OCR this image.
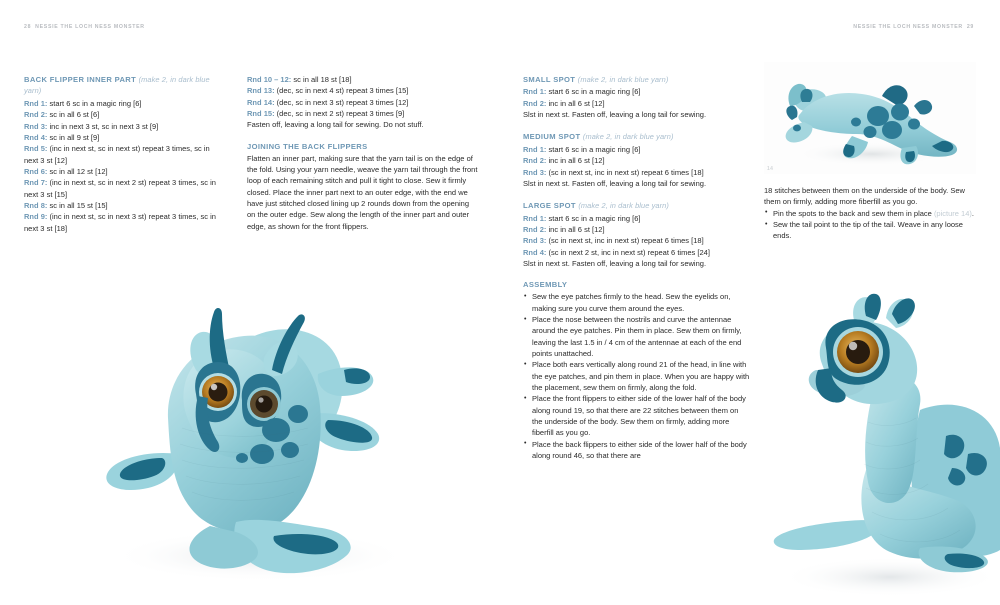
28 NESSIE THE LOCH NESS MONSTER	NESSIE THE LOCH NESS MONSTER 29
BACK FLIPPER INNER PART (make 2, in dark blue yarn)

Rnd 1: start 6 sc in a magic ring [6]

Rnd 2: sc in all 6 st [6]

Rnd 3: inc in next 3 st, sc in next 3 st [9]

Rnd 4: sc in all 9 st [9]

Rnd 5: (inc in next st, sc in next st) repeat 3 times, sc in next 3 st [12]

Rnd 6: sc in all 12 st [12]

Rnd 7: (inc in next st, sc in next 2 st) repeat 3 times, sc in next 3 st [15]

Rnd 8: sc in all 15 st [15]

Rnd 9: (inc in next st, sc in next 3 st) repeat 3 times, sc in next 3 st [18]

Rnd 10 – 12: sc in all 18 st [18]

Rnd 13: (dec, sc in next 4 st) repeat 3 times [15]

Rnd 14: (dec, sc in next 3 st) repeat 3 times [12]

Rnd 15: (dec, sc in next 2 st) repeat 3 times [9]

Fasten off, leaving a long tail for sewing. Do not stuff.

JOINING THE BACK FLIPPERS

Flatten an inner part, making sure that the yarn tail is on the edge of the fold. Using your yarn needle, weave the yarn tail through the front loop of each remaining stitch and pull it tight to close. Sew it firmly closed. Place the inner part next to an outer edge, with the end we have just stitched closed lining up 2 rounds down from the opening on the outer edge. Sew along the length of the inner part and outer edge, as shown for the front flippers.

SMALL SPOT (make 2, in dark blue yarn)

Rnd 1: start 6 sc in a magic ring [6]

Rnd 2: inc in all 6 st [12]

Slst in next st. Fasten off, leaving a long tail for sewing.

MEDIUM SPOT (make 2, in dark blue yarn)

Rnd 1: start 6 sc in a magic ring [6]

Rnd 2: inc in all 6 st [12]

Rnd 3: (sc in next st, inc in next st) repeat 6 times [18]

Slst in next st. Fasten off, leaving a long tail for sewing.

LARGE SPOT (make 2, in dark blue yarn)

Rnd 1: start 6 sc in a magic ring [6]

Rnd 2: inc in all 6 st [12]

Rnd 3: (sc in next st, inc in next st) repeat 6 times [18]

Rnd 4: (sc in next 2 st, inc in next st) repeat 6 times [24]

Slst in next st. Fasten off, leaving a long tail for sewing.

ASSEMBLY
• Sew the eye patches firmly to the head. Sew the eyelids on, making sure you curve them around the eyes.
• Place the nose between the nostrils and curve the antennae around the eye patches. Pin them in place. Sew them on firmly, leaving the last 1.5 in / 4 cm of the antennae at each of the end points unattached.
• Place both ears vertically along round 21 of the head, in line with the eye patches, and pin them in place. When you are happy with the placement, sew them on firmly, along the fold.
• Place the front flippers to either side of the lower half of the body along round 19, so that there are 22 stitches between them on the underside of the body. Sew them on firmly, adding more fiberfill as you go.
• Place the back flippers to either side of the lower half of the body along round 46, so that there are

18 stitches between them on the underside of the body. Sew them on firmly, adding more fiberfill as you go.

• Pin the spots to the back and sew them in place (picture 14).
• Sew the tail point to the tip of the tail. Weave in any loose ends.
14
